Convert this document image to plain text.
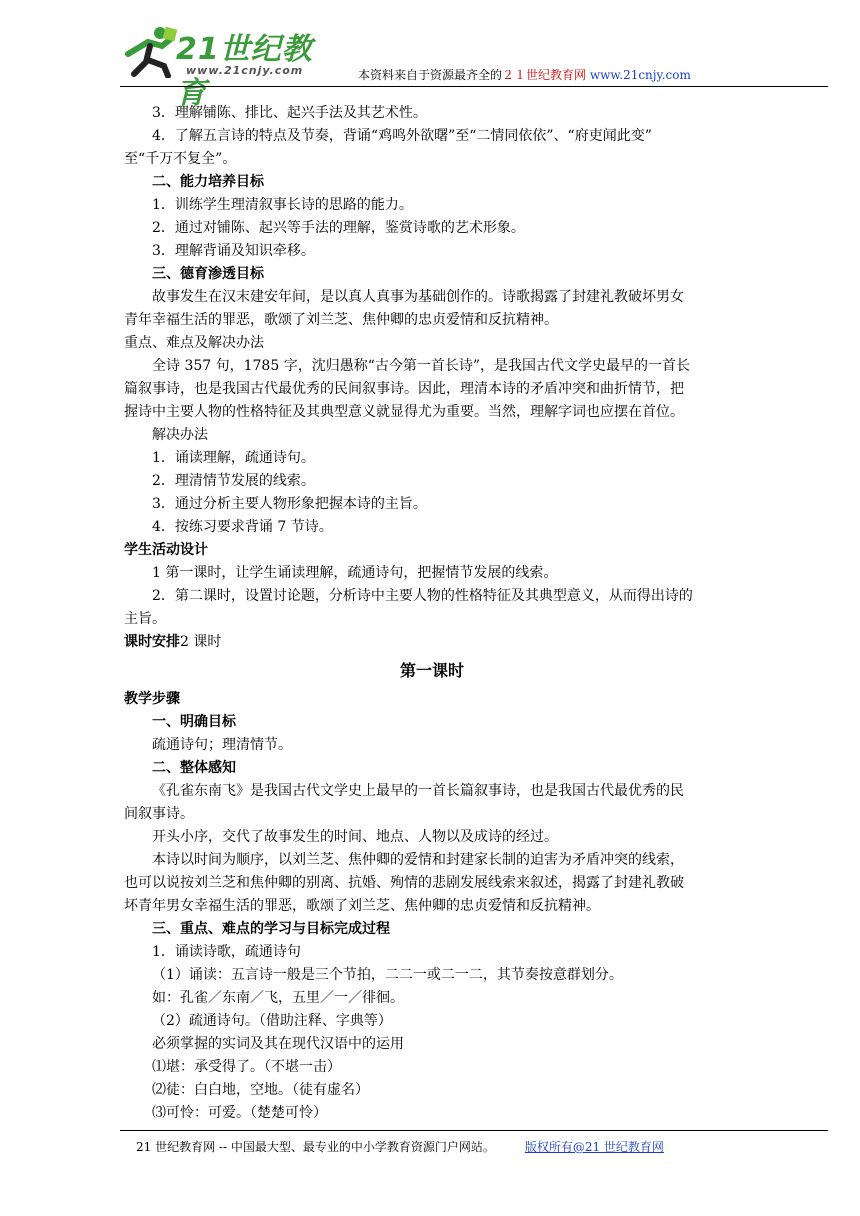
21世纪教育
www.21cnjy.com	本资料来自于资源最齐全的２１世纪教育网 www.21cnjy.com

3．理解铺陈、排比、起兴手法及其艺术性。

4．了解五言诗的特点及节奏，背诵“鸡鸣外欲曙”至“二情同依依”、“府吏闻此变”

至“千万不复全”。

二、能力培养目标

1．训练学生理清叙事长诗的思路的能力。

2．通过对铺陈、起兴等手法的理解，鉴赏诗歌的艺术形象。

3．理解背诵及知识牵移。

三、德育渗透目标

故事发生在汉末建安年间，是以真人真事为基础创作的。诗歌揭露了封建礼教破坏男女

青年幸福生活的罪恶，歌颂了刘兰芝、焦仲卿的忠贞爱情和反抗精神。

重点、难点及解决办法

全诗 357 句，1785 字，沈归愚称“古今第一首长诗”，是我国古代文学史最早的一首长

篇叙事诗，也是我国古代最优秀的民间叙事诗。因此，理清本诗的矛盾冲突和曲折情节，把

握诗中主要人物的性格特征及其典型意义就显得尤为重要。当然，理解字词也应摆在首位。

解决办法

1．诵读理解，疏通诗句。

2．理清情节发展的线索。

3．通过分析主要人物形象把握本诗的主旨。

4．按练习要求背诵 7 节诗。

学生活动设计

1 第一课时，让学生诵读理解，疏通诗句，把握情节发展的线索。

2．第二课时，设置讨论题，分析诗中主要人物的性格特征及其典型意义，从而得出诗的

主旨。

课时安排2 课时

第一课时

教学步骤

一、明确目标

疏通诗句；理清情节。

二、整体感知

《孔雀东南飞》是我国古代文学史上最早的一首长篇叙事诗，也是我国古代最优秀的民

间叙事诗。

开头小序，交代了故事发生的时间、地点、人物以及成诗的经过。

本诗以时间为顺序，以刘兰芝、焦仲卿的爱情和封建家长制的迫害为矛盾冲突的线索，

也可以说按刘兰芝和焦仲卿的别离、抗婚、殉情的悲剧发展线索来叙述，揭露了封建礼教破

坏青年男女幸福生活的罪恶，歌颂了刘兰芝、焦仲卿的忠贞爱情和反抗精神。

三、重点、难点的学习与目标完成过程

1．诵读诗歌，疏通诗句

（1）诵读：五言诗一般是三个节拍，二二一或二一二，其节奏按意群划分。

如：孔雀／东南／飞，五里／一／徘徊。

（2）疏通诗句。（借助注释、字典等）

必须掌握的实词及其在现代汉语中的运用

⑴堪：承受得了。（不堪一击）

⑵徒：白白地，空地。（徒有虚名）

⑶可怜：可爱。（楚楚可怜）

21 世纪教育网 -- 中国最大型、最专业的中小学教育资源门户网站。	版权所有@21 世纪教育网
